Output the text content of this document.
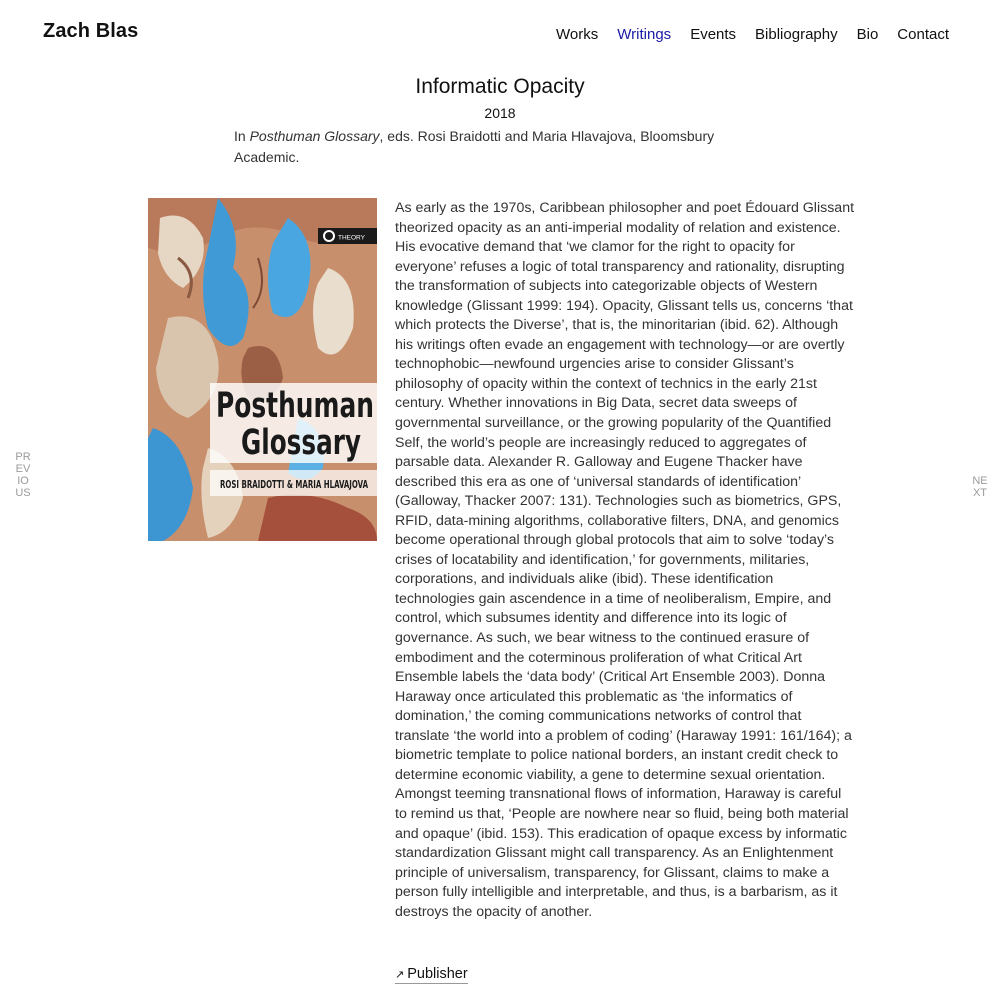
Zach Blas	Works Writings Events Bibliography Bio Contact
Informatic Opacity
2018
In Posthuman Glossary, eds. Rosi Braidotti and Maria Hlavajova, Bloomsbury Academic.
THEORY
Posthuman
Glossary
ROSI BRAIDOTTI & MARIA HLAVAJOVA

As early as the 1970s, Caribbean philosopher and poet Édouard Glissant theorized opacity as an anti-imperial modality of relation and existence. His evocative demand that ‘we clamor for the right to opacity for everyone’ refuses a logic of total transparency and rationality, disrupting the transformation of subjects into categorizable objects of Western knowledge (Glissant 1999: 194). Opacity, Glissant tells us, concerns ‘that which protects the Diverse’, that is, the minoritarian (ibid. 62). Although his writings often evade an engagement with technology—or are overtly technophobic—newfound urgencies arise to consider Glissant’s philosophy of opacity within the context of technics in the early 21st century. Whether innovations in Big Data, secret data sweeps of governmental surveillance, or the growing popularity of the Quantified Self, the world’s people are increasingly reduced to aggregates of parsable data. Alexander R. Galloway and Eugene Thacker have described this era as one of ‘universal standards of identification’ (Galloway, Thacker 2007: 131). Technologies such as biometrics, GPS, RFID, data-mining algorithms, collaborative filters, DNA, and genomics become operational through global protocols that aim to solve ‘today’s crises of locatability and identification,’ for governments, militaries, corporations, and individuals alike (ibid). These identification technologies gain ascendence in a time of neoliberalism, Empire, and control, which subsumes identity and difference into its logic of governance. As such, we bear witness to the continued erasure of embodiment and the coterminous proliferation of what Critical Art Ensemble labels the ‘data body’ (Critical Art Ensemble 2003). Donna Haraway once articulated this problematic as ‘the informatics of domination,’ the coming communications networks of control that translate ‘the world into a problem of coding’ (Haraway 1991: 161/164); a biometric template to police national borders, an instant credit check to determine economic viability, a gene to determine sexual orientation. Amongst teeming transnational flows of information, Haraway is careful to remind us that, ‘People are nowhere near so fluid, being both material and opaque’ (ibid. 153). This eradication of opaque excess by informatic standardization Glissant might call transparency. As an Enlightenment principle of universalism, transparency, for Glissant, claims to make a person fully intelligible and interpretable, and thus, is a barbarism, as it destroys the opacity of another.

↗ Publisher
PREVIOUS
NEXT
